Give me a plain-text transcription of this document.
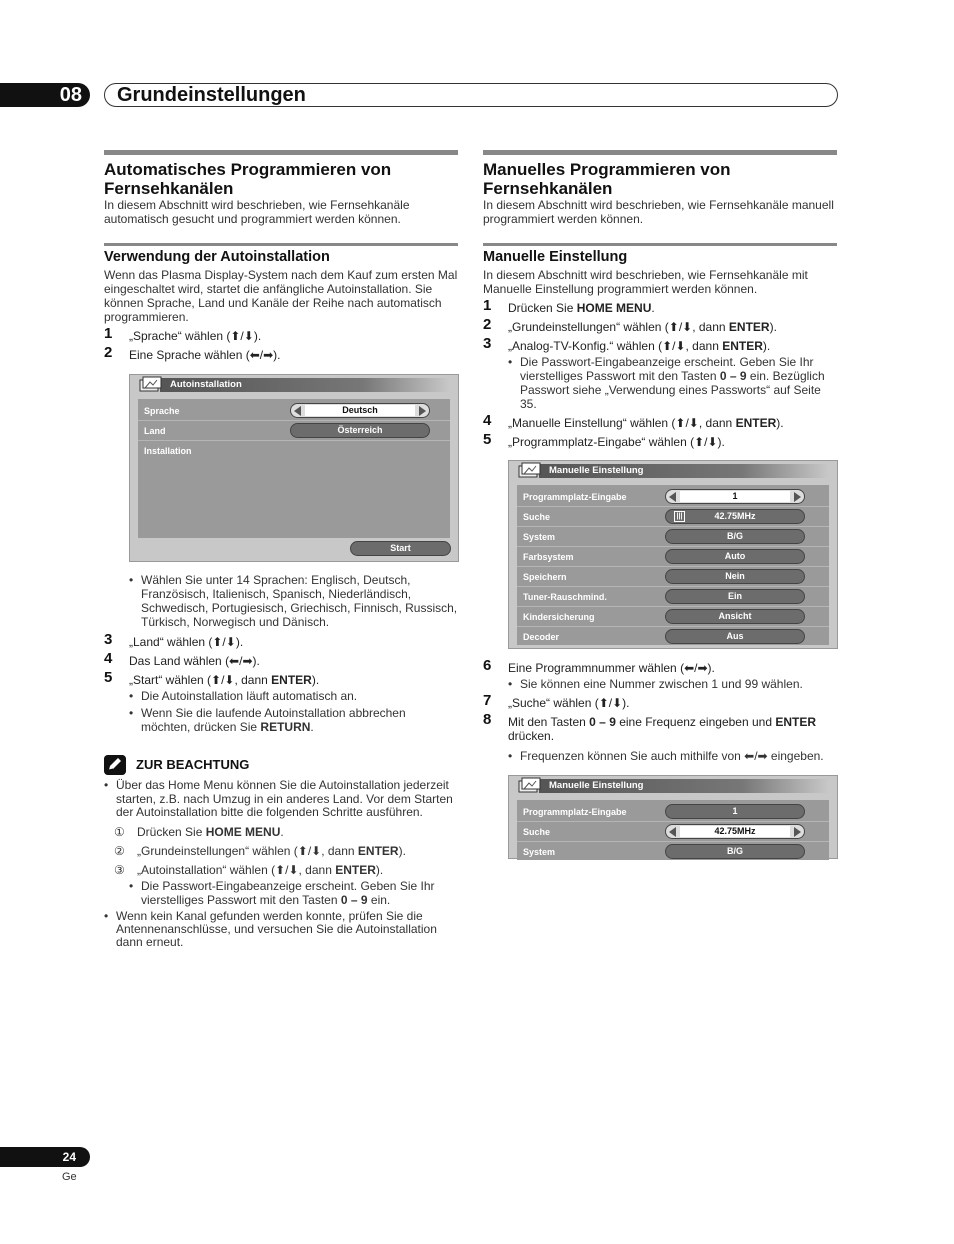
08	Grundeinstellungen
Automatisches Programmieren von Fernsehkanälen
In diesem Abschnitt wird beschrieben, wie Fernsehkanäle automatisch gesucht und programmiert werden können.
Verwendung der Autoinstallation
Wenn das Plasma Display-System nach dem Kauf zum ersten Mal eingeschaltet wird, startet die anfängliche Autoinstallation. Sie können Sprache, Land und Kanäle der Reihe nach automatisch programmieren.
1 „Sprache“ wählen (⬆/⬇).
2 Eine Sprache wählen (⬅/➡).
Autoinstallation
Sprache	Deutsch
Land	Österreich
Installation
Start
• Wählen Sie unter 14 Sprachen: Englisch, Deutsch, Französisch, Italienisch, Spanisch, Niederländisch, Schwedisch, Portugiesisch, Griechisch, Finnisch, Russisch, Türkisch, Norwegisch und Dänisch.
3 „Land“ wählen (⬆/⬇).
4 Das Land wählen (⬅/➡).
5 „Start“ wählen (⬆/⬇, dann ENTER).
• Die Autoinstallation läuft automatisch an.
• Wenn Sie die laufende Autoinstallation abbrechen möchten, drücken Sie RETURN.
ZUR BEACHTUNG
• Über das Home Menu können Sie die Autoinstallation jederzeit starten, z.B. nach Umzug in ein anderes Land. Vor dem Starten der Autoinstallation bitte die folgenden Schritte ausführen.
① Drücken Sie HOME MENU.
② „Grundeinstellungen“ wählen (⬆/⬇, dann ENTER).
③ „Autoinstallation“ wählen (⬆/⬇, dann ENTER).
• Die Passwort-Eingabeanzeige erscheint. Geben Sie Ihr vierstelliges Passwort mit den Tasten 0 – 9 ein.
• Wenn kein Kanal gefunden werden konnte, prüfen Sie die Antennenanschlüsse, und versuchen Sie die Autoinstallation dann erneut.
Manuelles Programmieren von Fernsehkanälen
In diesem Abschnitt wird beschrieben, wie Fernsehkanäle manuell programmiert werden können.
Manuelle Einstellung
In diesem Abschnitt wird beschrieben, wie Fernsehkanäle mit Manuelle Einstellung programmiert werden können.
1 Drücken Sie HOME MENU.
2 „Grundeinstellungen“ wählen (⬆/⬇, dann ENTER).
3 „Analog-TV-Konfig.“ wählen (⬆/⬇, dann ENTER).
• Die Passwort-Eingabeanzeige erscheint. Geben Sie Ihr vierstelliges Passwort mit den Tasten 0 – 9 ein. Bezüglich Passwort siehe „Verwendung eines Passworts“ auf Seite 35.
4 „Manuelle Einstellung“ wählen (⬆/⬇, dann ENTER).
5 „Programmplatz-Eingabe“ wählen (⬆/⬇).
Manuelle Einstellung
Programmplatz-Eingabe	1
Suche	|||	42.75MHz
System	B/G
Farbsystem	Auto
Speichern	Nein
Tuner-Rauschmind.	Ein
Kindersicherung	Ansicht
Decoder	Aus
6 Eine Programmnummer wählen (⬅/➡).
• Sie können eine Nummer zwischen 1 und 99 wählen.
7 „Suche“ wählen (⬆/⬇).
8 Mit den Tasten 0 – 9 eine Frequenz eingeben und ENTER drücken.
• Frequenzen können Sie auch mithilfe von ⬅/➡ eingeben.
Manuelle Einstellung
Programmplatz-Eingabe	1
Suche	42.75MHz
System	B/G
24
Ge
